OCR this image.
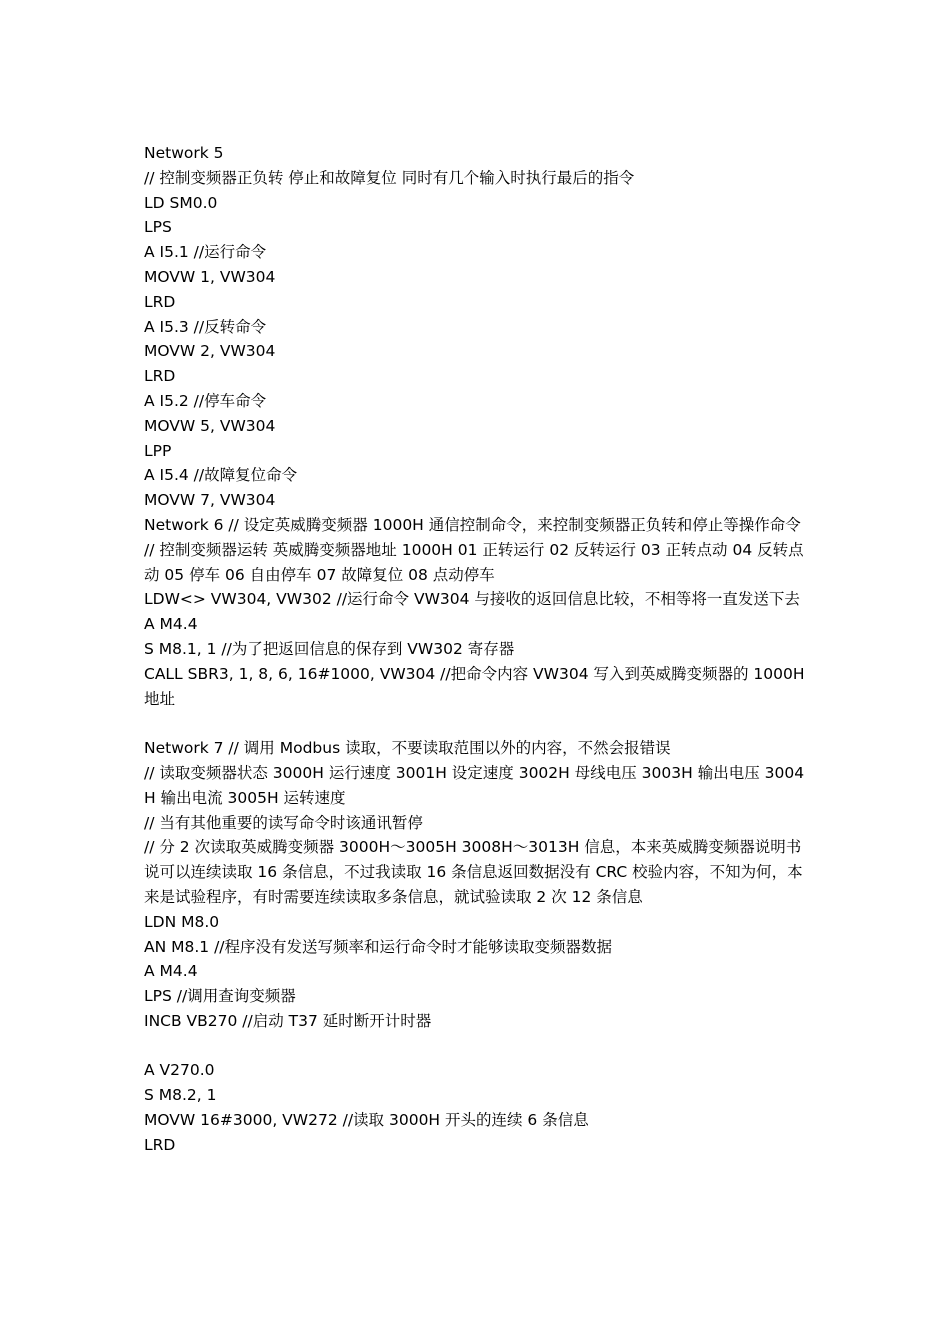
Network 5
// 控制变频器正负转 停止和故障复位 同时有几个输入时执行最后的指令
LD SM0.0
LPS
A I5.1 //运行命令
MOVW 1, VW304
LRD
A I5.3 //反转命令
MOVW 2, VW304
LRD
A I5.2 //停车命令
MOVW 5, VW304
LPP
A I5.4 //故障复位命令
MOVW 7, VW304
Network 6 // 设定英威腾变频器 1000H 通信控制命令，来控制变频器正负转和停止等操作命令
// 控制变频器运转 英威腾变频器地址 1000H 01 正转运行 02 反转运行 03 正转点动 04 反转点动 05 停车 06 自由停车 07 故障复位 08 点动停车
LDW<> VW304, VW302 //运行命令 VW304 与接收的返回信息比较，不相等将一直发送下去
A M4.4
S M8.1, 1 //为了把返回信息的保存到 VW302 寄存器
CALL SBR3, 1, 8, 6, 16#1000, VW304 //把命令内容 VW304 写入到英威腾变频器的 1000H 地址
Network 7 // 调用 Modbus 读取，不要读取范围以外的内容，不然会报错误
// 读取变频器状态 3000H 运行速度 3001H 设定速度 3002H 母线电压 3003H 输出电压 3004H 输出电流 3005H 运转速度
// 当有其他重要的读写命令时该通讯暂停
// 分 2 次读取英威腾变频器 3000H～3005H 3008H～3013H 信息，本来英威腾变频器说明书说可以连续读取 16 条信息，不过我读取 16 条信息返回数据没有 CRC 校验内容，不知为何，本来是试验程序，有时需要连续读取多条信息，就试验读取 2 次 12 条信息
LDN M8.0
AN M8.1 //程序没有发送写频率和运行命令时才能够读取变频器数据
A M4.4
LPS //调用查询变频器
INCB VB270 //启动 T37 延时断开计时器
A V270.0
S M8.2, 1
MOVW 16#3000, VW272 //读取 3000H 开头的连续 6 条信息
LRD
